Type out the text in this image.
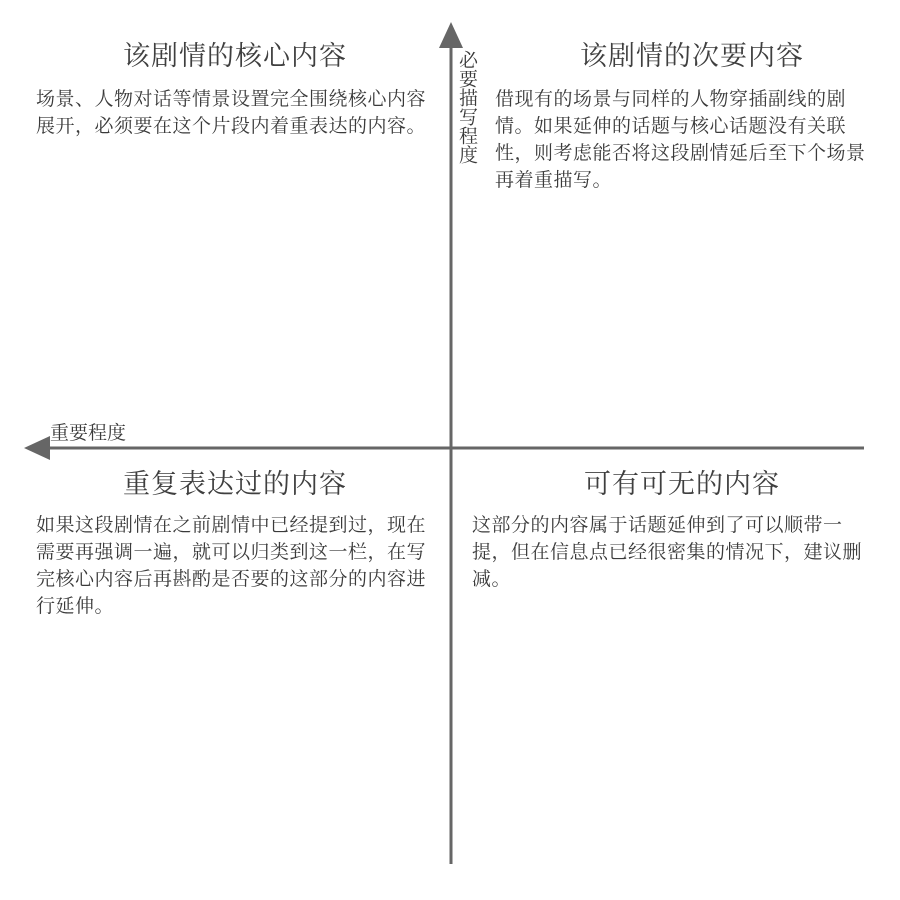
必要描写程度
重要程度
该剧情的核心内容

场景、人物对话等情景设置完全围绕核心内容展开，必须要在这个片段内着重表达的内容。

该剧情的次要内容

借现有的场景与同样的人物穿插副线的剧情。如果延伸的话题与核心话题没有关联性，则考虑能否将这段剧情延后至下个场景再着重描写。

重复表达过的内容

如果这段剧情在之前剧情中已经提到过，现在需要再强调一遍，就可以归类到这一栏，在写完核心内容后再斟酌是否要的这部分的内容进行延伸。

可有可无的内容

这部分的内容属于话题延伸到了可以顺带一提，但在信息点已经很密集的情况下，建议删减。
